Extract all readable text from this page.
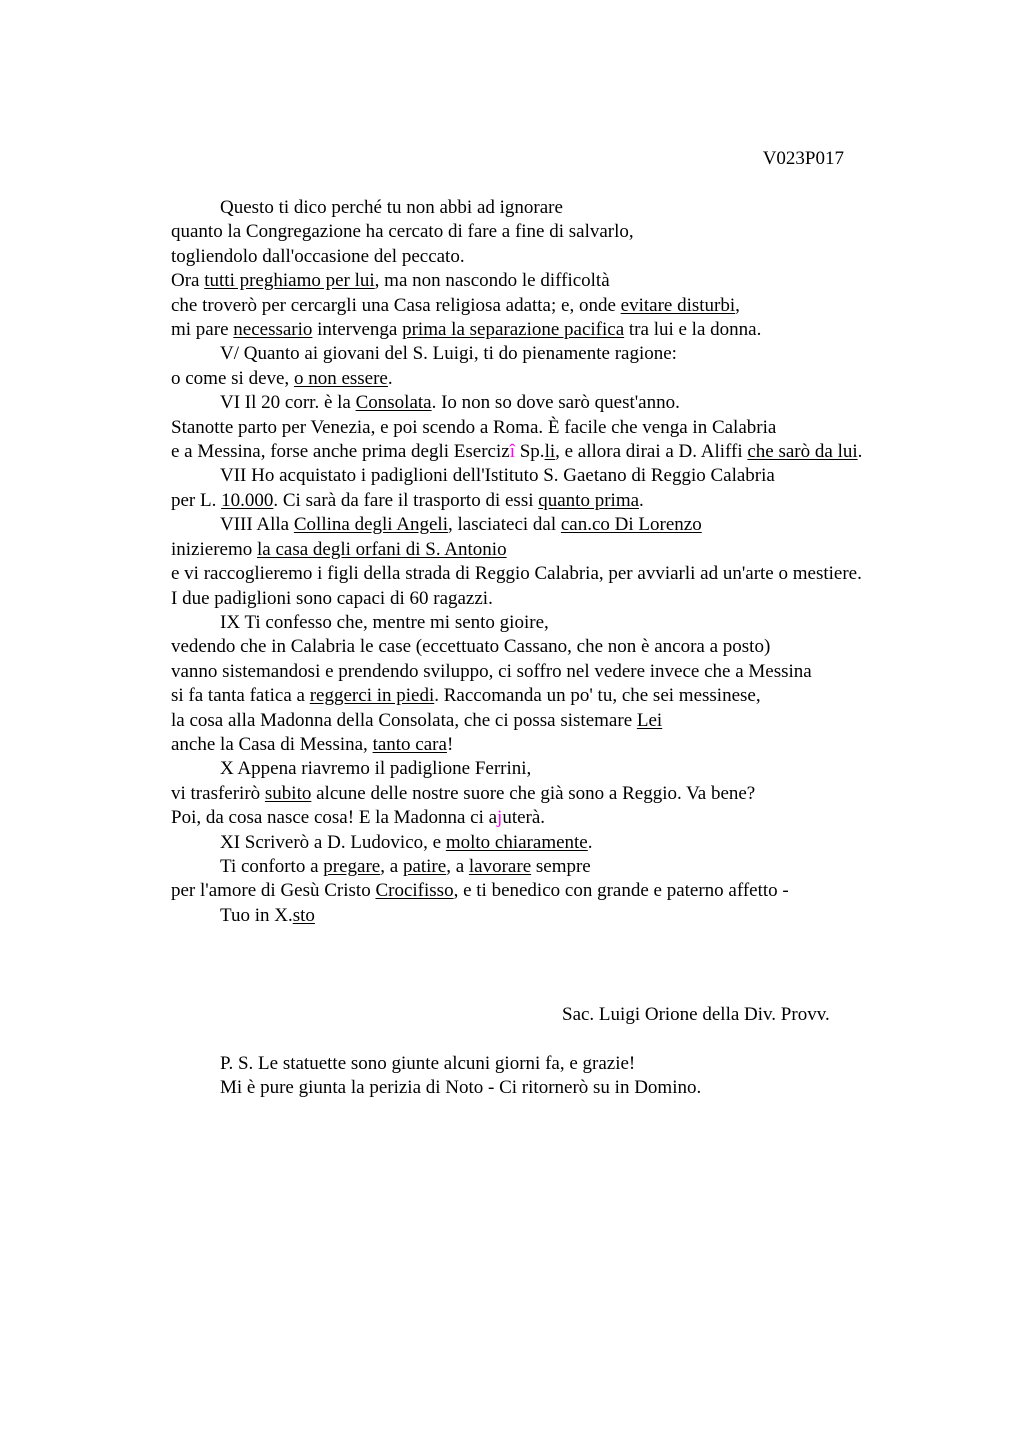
V023P017

Questo ti dico perché tu non abbi ad ignorare

quanto la Congregazione ha cercato di fare a fine di salvarlo,

togliendolo dall'occasione del peccato.

Ora tutti preghiamo per lui, ma non nascondo le difficoltà

che troverò per cercargli una Casa religiosa adatta; e, onde evitare disturbi,

mi pare necessario intervenga prima la separazione pacifica tra lui e la donna.

V/ Quanto ai giovani del S. Luigi, ti do pienamente ragione:

o come si deve, o non essere.

VI Il 20 corr. è la Consolata. Io non so dove sarò quest'anno.

Stanotte parto per Venezia, e poi scendo a Roma. È facile che venga in Calabria

e a Messina, forse anche prima degli Esercizî Sp.li, e allora dirai a D. Aliffi che sarò da lui.

VII Ho acquistato i padiglioni dell'Istituto S. Gaetano di Reggio Calabria

per L. 10.000. Ci sarà da fare il trasporto di essi quanto prima.

VIII Alla Collina degli Angeli, lasciateci dal can.co Di Lorenzo

inizieremo la casa degli orfani di S. Antonio

e vi raccoglieremo i figli della strada di Reggio Calabria, per avviarli ad un'arte o mestiere.

I due padiglioni sono capaci di 60 ragazzi.

IX Ti confesso che, mentre mi sento gioire,

vedendo che in Calabria le case (eccettuato Cassano, che non è ancora a posto)

vanno sistemandosi e prendendo sviluppo, ci soffro nel vedere invece che a Messina

si fa tanta fatica a reggerci in piedi. Raccomanda un po' tu, che sei messinese,

la cosa alla Madonna della Consolata, che ci possa sistemare Lei

anche la Casa di Messina, tanto cara!

X Appena riavremo il padiglione Ferrini,

vi trasferirò subito alcune delle nostre suore che già sono a Reggio. Va bene?

Poi, da cosa nasce cosa! E la Madonna ci ajuterà.

XI Scriverò a D. Ludovico, e molto chiaramente.

Ti conforto a pregare, a patire, a lavorare sempre

per l'amore di Gesù Cristo Crocifisso, e ti benedico con grande e paterno affetto -

Tuo in X.sto

Sac. Luigi Orione della Div. Provv.

P. S. Le statuette sono giunte alcuni giorni fa, e grazie!

Mi è pure giunta la perizia di Noto - Ci ritornerò su in Domino.
